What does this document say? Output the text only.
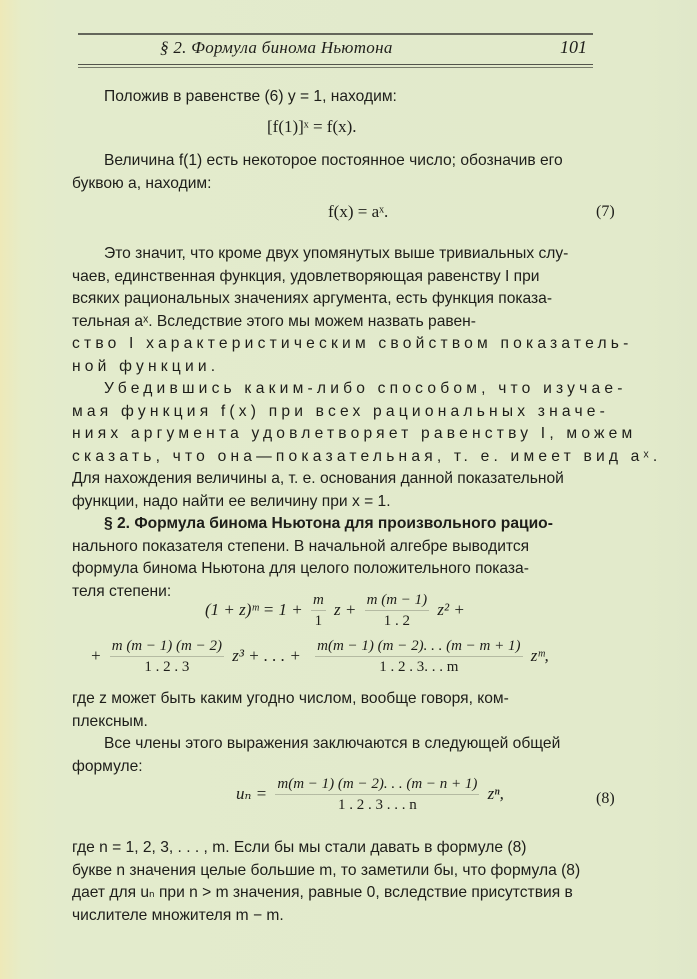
§ 2. Формула бинома Ньютона	101
Положив в равенстве (6) y = 1, находим:
[f(1)]ˣ = f(x).
Величина f(1) есть некоторое постоянное число; обозначив его
буквою a, находим:
f(x) = aˣ.	(7)
Это значит, что кроме двух упомянутых выше тривиальных слу-
чаев, единственная функция, удовлетворяющая равенству I при
всяких рациональных значениях аргумента, есть функция показа-
тельная aˣ. Вследствие этого мы можем назвать равен-
ство I характеристическим свойством показатель-
ной функции.
Убедившись каким-либо способом, что изучае-
мая функция f(x) при всех рациональных значе-
ниях аргумента удовлетворяет равенству I, можем
сказать, что она—показательная, т. е. имеет вид aˣ.
Для нахождения величины a, т. е. основания данной показательной
функции, надо найти ее величину при x = 1.
§ 2. Формула бинома Ньютона для произвольного рацио-
нального показателя степени. В начальной алгебре выводится
формула бинома Ньютона для целого положительного показа-
теля степени:
(1 + z)ᵐ = 1 + m
1
z + m (m − 1)
1 . 2
z² +
+ m (m − 1) (m − 2)
1 . 2 . 3
z³ + . . . + m(m − 1) (m − 2). . . (m − m + 1)
1 . 2 . 3. . . m
zᵐ,
где z может быть каким угодно числом, вообще говоря, ком-
плексным.
Все члены этого выражения заключаются в следующей общей
формуле:
uₙ = m(m − 1) (m − 2). . . (m − n + 1)
1 . 2 . 3 . . . n
zⁿ,	(8)
где n = 1, 2, 3, . . . , m. Если бы мы стали давать в формуле (8)
букве n значения целые большие m, то заметили бы, что формула (8)
дает для uₙ при n > m значения, равные 0, вследствие присутствия в
числителе множителя m − m.
